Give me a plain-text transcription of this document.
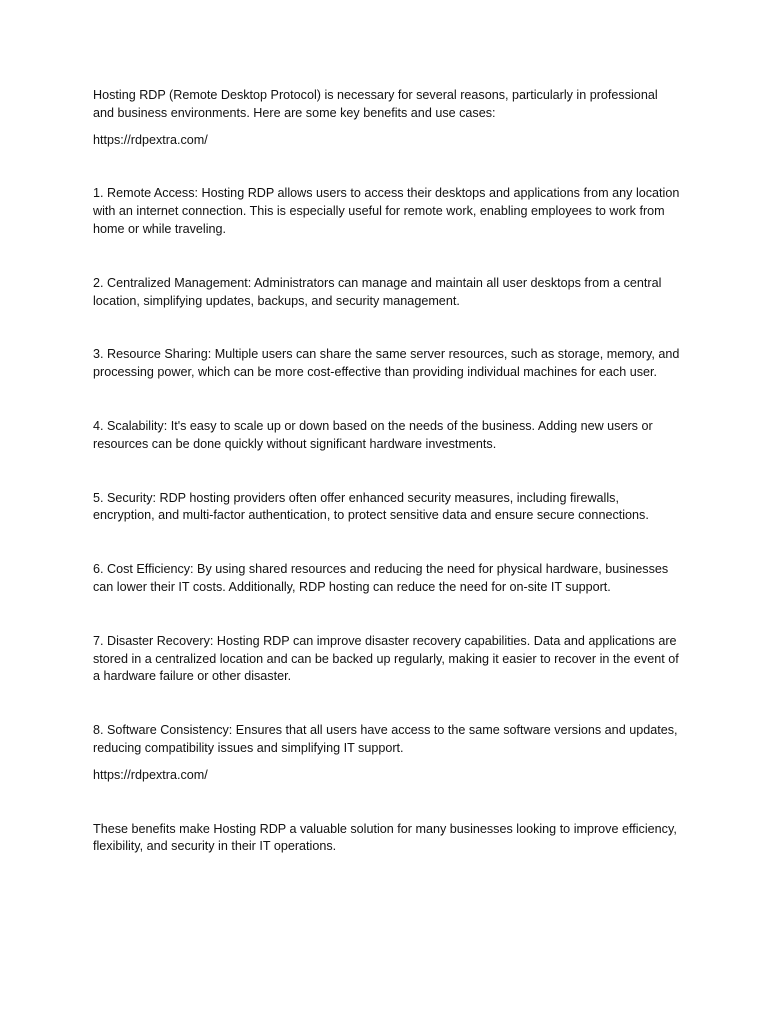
Hosting RDP (Remote Desktop Protocol) is necessary for several reasons, particularly in professional and business environments. Here are some key benefits and use cases:

https://rdpextra.com/

1. Remote Access: Hosting RDP allows users to access their desktops and applications from any location with an internet connection. This is especially useful for remote work, enabling employees to work from home or while traveling.

2. Centralized Management: Administrators can manage and maintain all user desktops from a central location, simplifying updates, backups, and security management.

3. Resource Sharing: Multiple users can share the same server resources, such as storage, memory, and processing power, which can be more cost-effective than providing individual machines for each user.

4. Scalability: It's easy to scale up or down based on the needs of the business. Adding new users or resources can be done quickly without significant hardware investments.

5. Security: RDP hosting providers often offer enhanced security measures, including firewalls, encryption, and multi-factor authentication, to protect sensitive data and ensure secure connections.

6. Cost Efficiency: By using shared resources and reducing the need for physical hardware, businesses can lower their IT costs. Additionally, RDP hosting can reduce the need for on-site IT support.

7. Disaster Recovery: Hosting RDP can improve disaster recovery capabilities. Data and applications are stored in a centralized location and can be backed up regularly, making it easier to recover in the event of a hardware failure or other disaster.

8. Software Consistency: Ensures that all users have access to the same software versions and updates, reducing compatibility issues and simplifying IT support.

https://rdpextra.com/

These benefits make Hosting RDP a valuable solution for many businesses looking to improve efficiency, flexibility, and security in their IT operations.
